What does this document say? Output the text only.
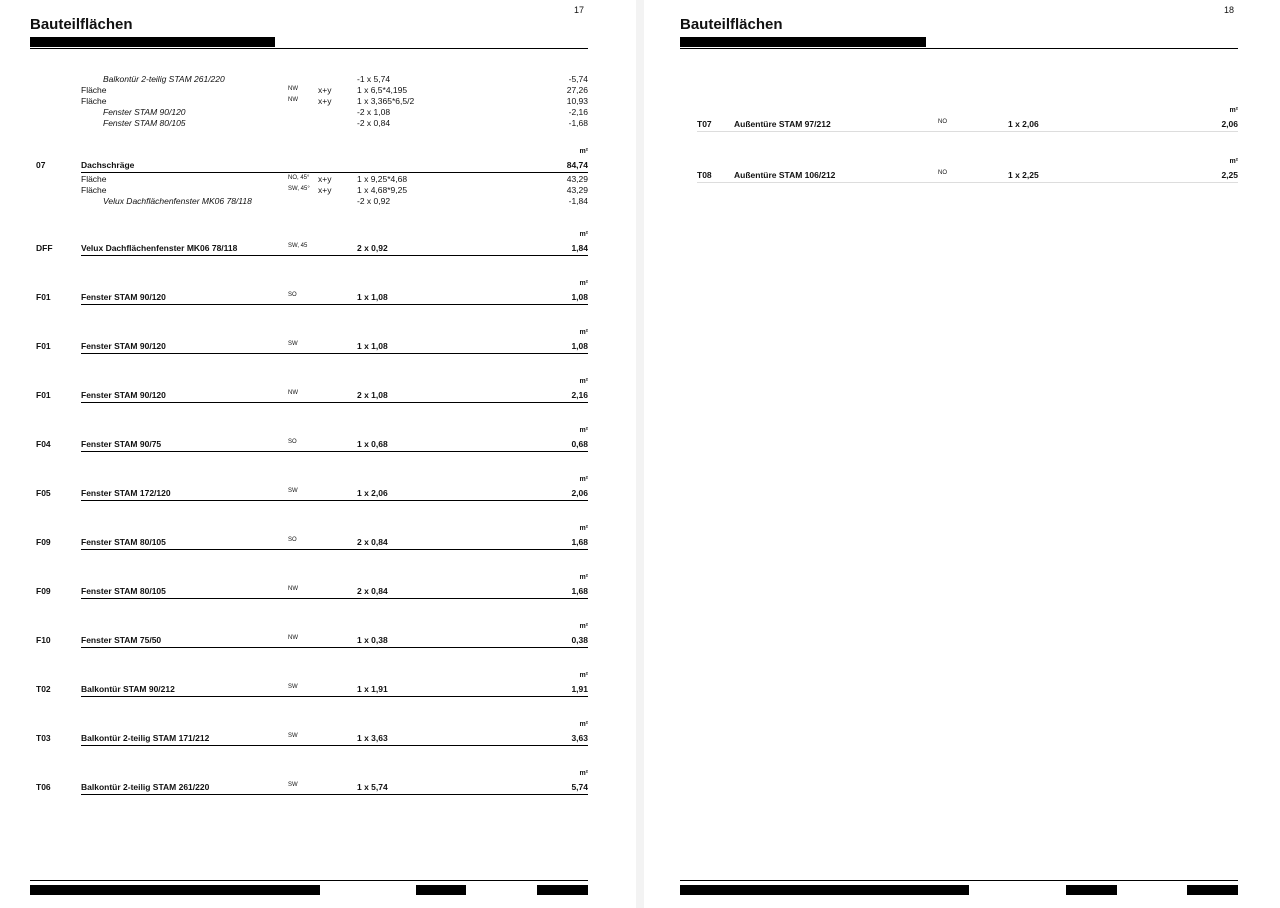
17
Bauteilflächen
Balkontür 2-teilig STAM 261/220	-1 x 5,74	-5,74
Fläche	NW x+y	1 x 6,5*4,195	27,26
Fläche	NW x+y	1 x 3,365*6,5/2	10,93
Fenster STAM 90/120	-2 x 1,08	-2,16
Fenster STAM 80/105	-2 x 0,84	-1,68
m²
07	Dachschräge	84,74
Fläche	NO, 45° x+y	1 x 9,25*4,68	43,29
Fläche	SW, 45° x+y	1 x 4,68*9,25	43,29
Velux Dachflächenfenster MK06 78/118	-2 x 0,92	-1,84
m²
DFF	Velux Dachflächenfenster MK06 78/118	SW, 45	2 x 0,92	1,84
m²
F01	Fenster STAM 90/120	SO	1 x 1,08	1,08
m²
F01	Fenster STAM 90/120	SW	1 x 1,08	1,08
m²
F01	Fenster STAM 90/120	NW	2 x 1,08	2,16
m²
F04	Fenster STAM 90/75	SO	1 x 0,68	0,68
m²
F05	Fenster STAM 172/120	SW	1 x 2,06	2,06
m²
F09	Fenster STAM 80/105	SO	2 x 0,84	1,68
m²
F09	Fenster STAM 80/105	NW	2 x 0,84	1,68
m²
F10	Fenster STAM 75/50	NW	1 x 0,38	0,38
m²
T02	Balkontür STAM 90/212	SW	1 x 1,91	1,91
m²
T03	Balkontür 2-teilig STAM 171/212	SW	1 x 3,63	3,63
m²
T06	Balkontür 2-teilig STAM 261/220	SW	1 x 5,74	5,74
18
Bauteilflächen
m²
T07	Außentüre STAM 97/212	NO	1 x 2,06	2,06
m²
T08	Außentüre STAM 106/212	NO	1 x 2,25	2,25
